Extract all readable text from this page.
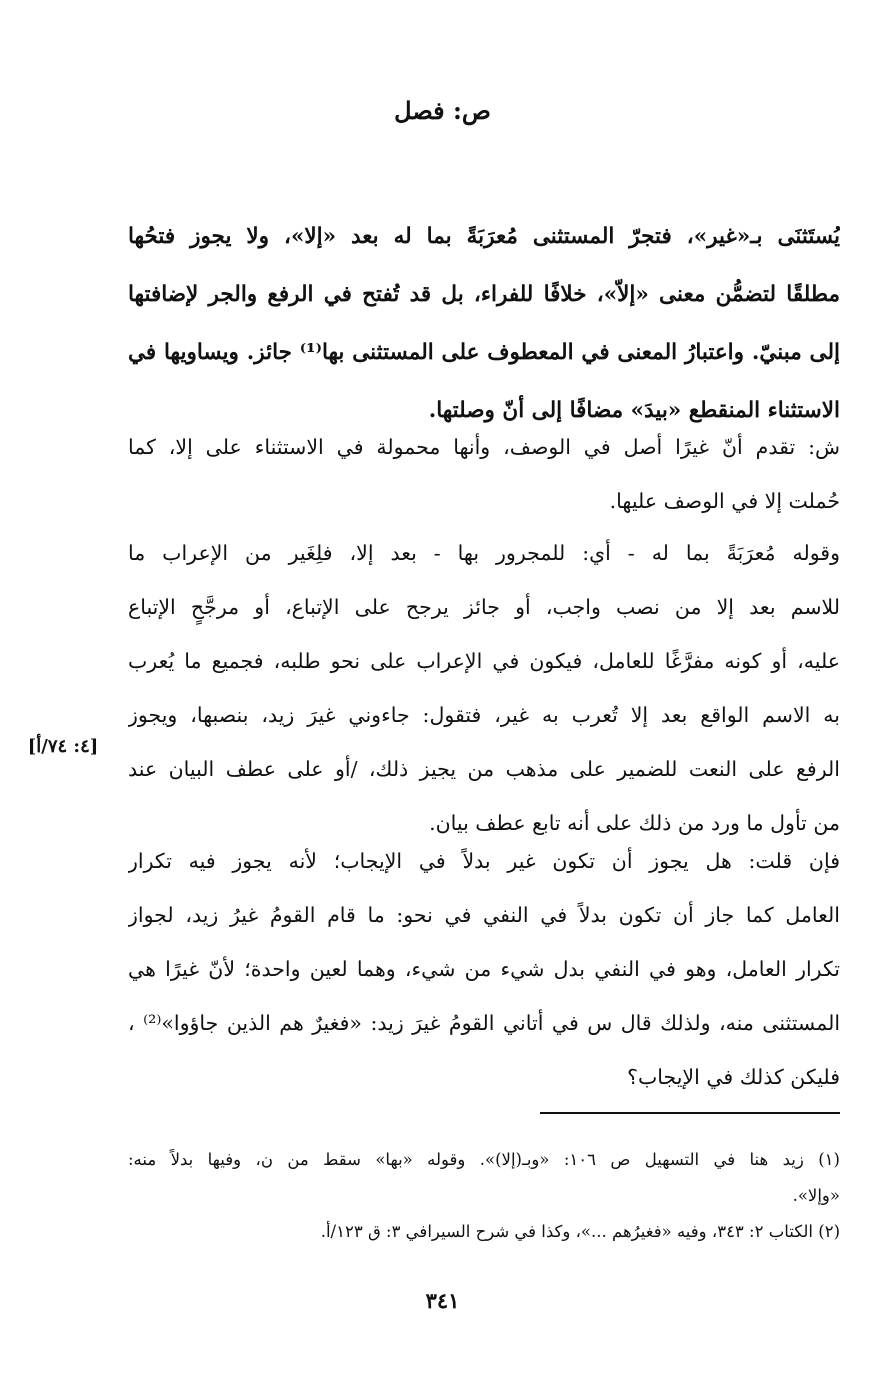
ص: فصل
يُستَثنَى بـ«غير»، فتجرّ المستثنى مُعرَبَةً بما له بعد «إلا»، ولا يجوز فتحُها
مطلقًا لتضمُّن معنى «إلاّ»، خلافًا للفراء، بل قد تُفتح في الرفع والجر لإضافتها
إلى مبنيّ. واعتبارُ المعنى في المعطوف على المستثنى بها⁽¹⁾ جائز. ويساويها في
الاستثناء المنقطع «بيدَ» مضافًا إلى أنّ وصلتها.
ش: تقدم أنّ غيرًا أصل في الوصف، وأنها محمولة في الاستثناء على إلا، كما
حُملت إلا في الوصف عليها.
وقوله مُعرَبَةً بما له - أي: للمجرور بها - بعد إلا، فلِغَير من الإعراب ما
للاسم بعد إلا من نصب واجب، أو جائز يرجح على الإتباع، أو مرجَّحٍ الإتباع
عليه، أو كونه مفرَّغًا للعامل، فيكون في الإعراب على نحو طلبه، فجميع ما يُعرب
به الاسم الواقع بعد إلا تُعرب به غير، فتقول: جاءوني غيرَ زيد، بنصبها، ويجوز
الرفع على النعت للضمير على مذهب من يجيز ذلك، /أو على عطف البيان عند
من تأول ما ورد من ذلك على أنه تابع عطف بيان.
[٤: ٧٤/أ]
فإن قلت: هل يجوز أن تكون غير بدلاً في الإيجاب؛ لأنه يجوز فيه تكرار
العامل كما جاز أن تكون بدلاً في النفي في نحو: ما قام القومُ غيرُ زيد، لجواز
تكرار العامل، وهو في النفي بدل شيء من شيء، وهما لعين واحدة؛ لأنّ غيرًا هي
المستثنى منه، ولذلك قال س في أتاني القومُ غيرَ زيد: «فغيرٌ هم الذين جاؤوا»⁽²⁾ ،
فليكن كذلك في الإيجاب؟
(١) زيد هنا في التسهيل ص ١٠٦: «وبـ(إلا)». وقوله «بها» سقط من ن، وفيها بدلاً منه:
«وإلا».
(٢) الكتاب ٢: ٣٤٣، وفيه «فغيرُهم ...»، وكذا في شرح السيرافي ٣: ق ١٢٣/أ.
٣٤١
